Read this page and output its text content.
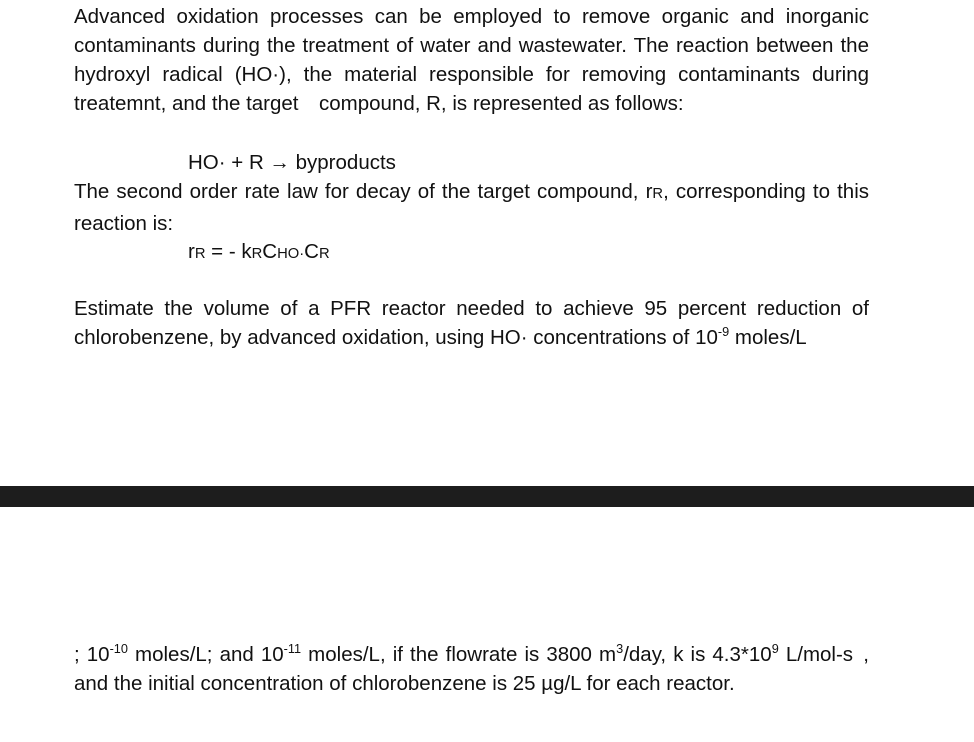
Advanced oxidation processes can be employed to remove organic and inorganic contaminants during the treatment of water and wastewater. The reaction between the hydroxyl radical (HO·), the material responsible for removing contaminants during treatemnt, and the target compound, R, is represented as follows:
HO· + R → byproducts
The second order rate law for decay of the target compound, rR, corresponding to this reaction is:
rR = - kRCHO·CR
Estimate the volume of a PFR reactor needed to achieve 95 percent reduction of chlorobenzene, by advanced oxidation, using HO· concentrations of $10^{-9}$ moles/L
; $10^{-10}$ moles/L; and $10^{-11}$ moles/L, if the flowrate is 3800 $m^3$/day, k is $4.3*10^9$ L/mol-s , and the initial concentration of chlorobenzene is 25 µg/L for each reactor.
